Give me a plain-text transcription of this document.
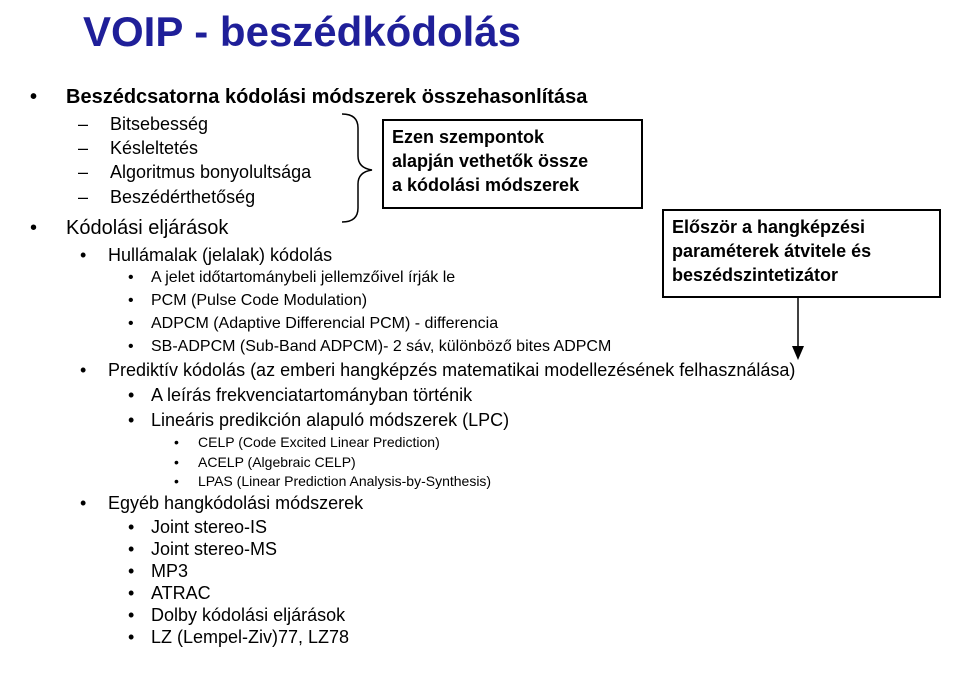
VOIP - beszédkódolás
• Beszédcsatorna kódolási módszerek összehasonlítása
– Bitsebesség
– Késleltetés
– Algoritmus bonyolultsága
– Beszédérthetőség
• Kódolási eljárások
• Hullámalak (jelalak) kódolás
• A jelet időtartománybeli jellemzőivel írják le
• PCM (Pulse Code Modulation)
• ADPCM (Adaptive Differencial PCM) - differencia
• SB-ADPCM (Sub-Band ADPCM)- 2 sáv, különböző bites ADPCM
• Prediktív kódolás (az emberi hangképzés matematikai modellezésének felhasználása)
• A leírás frekvenciatartományban történik
• Lineáris predikción alapuló módszerek (LPC)
• CELP (Code Excited Linear Prediction)
• ACELP (Algebraic CELP)
• LPAS (Linear Prediction Analysis-by-Synthesis)
• Egyéb hangkódolási módszerek
• Joint stereo-IS
• Joint stereo-MS
• MP3
• ATRAC
• Dolby kódolási eljárások
• LZ (Lempel-Ziv)77, LZ78
Ezen szempontok
alapján vethetők össze
a kódolási módszerek
Először a hangképzési
paraméterek átvitele és
beszédszintetizátor
